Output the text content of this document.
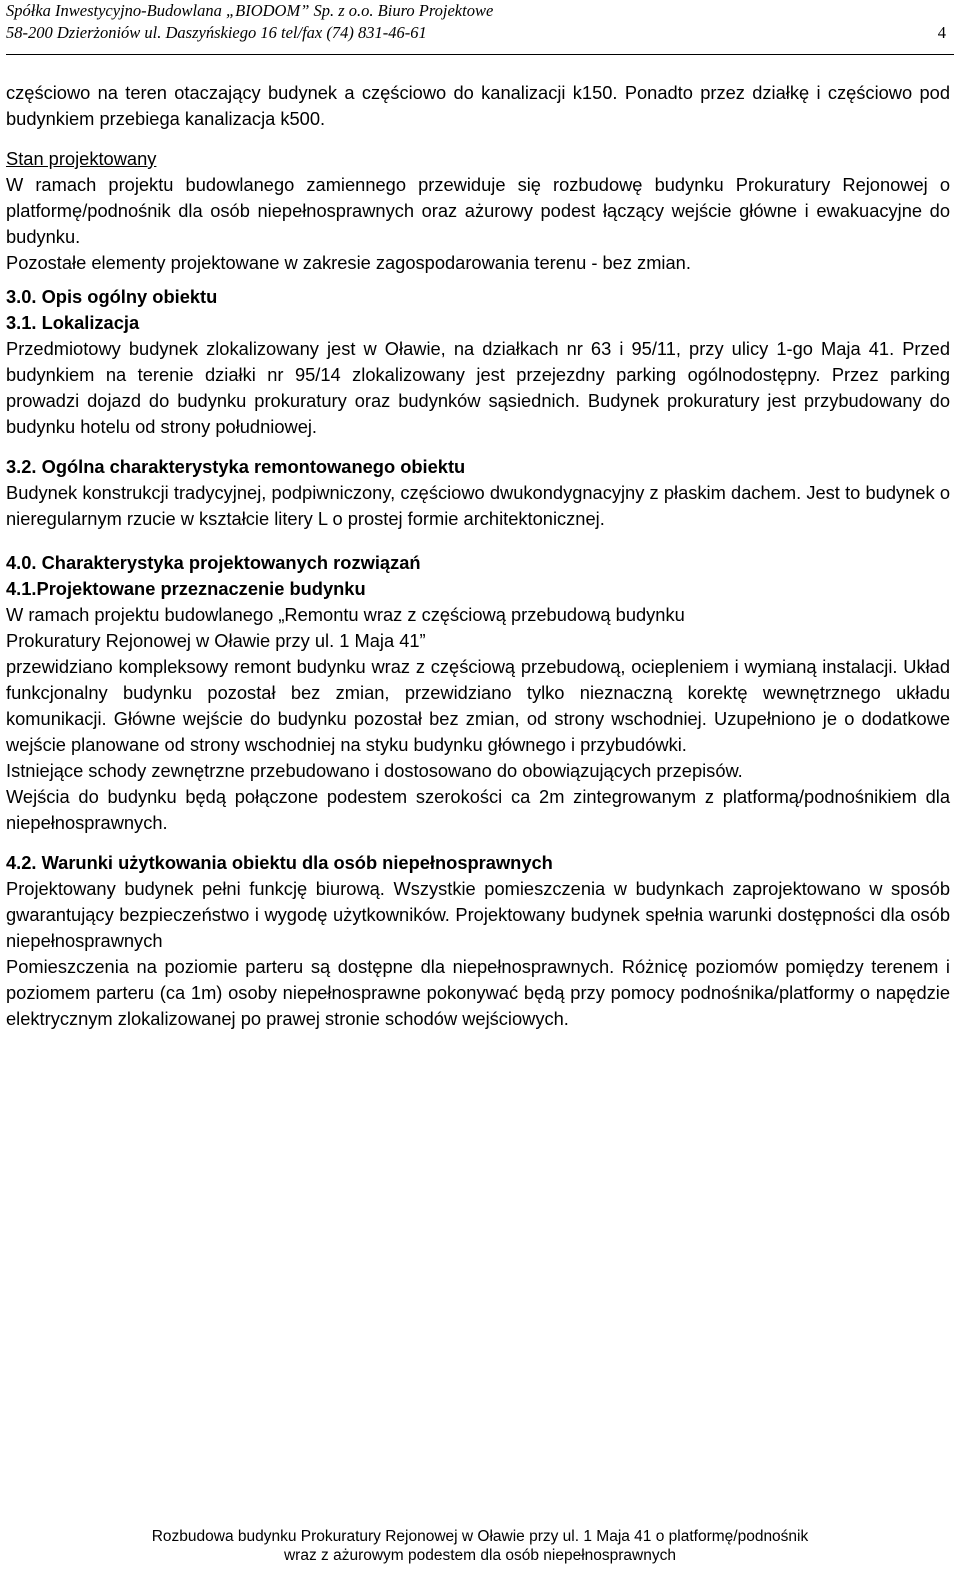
Spółka Inwestycyjno-Budowlana „BIODOM” Sp. z o.o. Biuro Projektowe
58-200 Dzierżoniów ul. Daszyńskiego 16 tel/fax (74) 831-46-61	4

częściowo na teren otaczający budynek a częściowo do kanalizacji k150. Ponadto przez działkę i częściowo pod budynkiem przebiega kanalizacja k500.

Stan projektowany

W ramach projektu budowlanego zamiennego przewiduje się rozbudowę budynku Prokuratury Rejonowej o platformę/podnośnik dla osób niepełnosprawnych oraz ażurowy podest łączący wejście główne i ewakuacyjne do budynku.

Pozostałe elementy projektowane w zakresie zagospodarowania terenu - bez zmian.

3.0. Opis ogólny obiektu

3.1. Lokalizacja

Przedmiotowy budynek zlokalizowany jest w Oławie, na działkach nr 63 i 95/11, przy ulicy 1-go Maja 41. Przed budynkiem na terenie działki nr 95/14 zlokalizowany jest przejezdny parking ogólnodostępny. Przez parking prowadzi dojazd do budynku prokuratury oraz budynków sąsiednich. Budynek prokuratury jest przybudowany do budynku hotelu od strony południowej.

3.2. Ogólna charakterystyka remontowanego obiektu

Budynek konstrukcji tradycyjnej, podpiwniczony, częściowo dwukondygnacyjny z płaskim dachem. Jest to budynek o nieregularnym rzucie w kształcie litery L o prostej formie architektonicznej.

4.0. Charakterystyka projektowanych rozwiązań

4.1.Projektowane przeznaczenie budynku

W ramach projektu budowlanego „Remontu wraz z częściową przebudową budynku

Prokuratury Rejonowej w Oławie przy ul. 1 Maja 41”

przewidziano kompleksowy remont budynku wraz z częściową przebudową, ociepleniem i wymianą instalacji. Układ funkcjonalny budynku pozostał bez zmian, przewidziano tylko nieznaczną korektę wewnętrznego układu komunikacji. Główne wejście do budynku pozostał bez zmian, od strony wschodniej. Uzupełniono je o dodatkowe wejście planowane od strony wschodniej na styku budynku głównego i przybudówki.

Istniejące schody zewnętrzne przebudowano i dostosowano do obowiązujących przepisów.

Wejścia do budynku będą połączone podestem szerokości ca 2m zintegrowanym z platformą/podnośnikiem dla niepełnosprawnych.

4.2. Warunki użytkowania obiektu dla osób niepełnosprawnych

Projektowany budynek pełni funkcję biurową. Wszystkie pomieszczenia w budynkach zaprojektowano w sposób gwarantujący bezpieczeństwo i wygodę użytkowników. Projektowany budynek spełnia warunki dostępności dla osób niepełnosprawnych

Pomieszczenia na poziomie parteru są dostępne dla niepełnosprawnych. Różnicę poziomów pomiędzy terenem i poziomem parteru (ca 1m) osoby niepełnosprawne pokonywać będą przy pomocy podnośnika/platformy o napędzie elektrycznym zlokalizowanej po prawej stronie schodów wejściowych.

Rozbudowa budynku Prokuratury Rejonowej w Oławie przy ul. 1 Maja 41 o platformę/podnośnik
wraz z ażurowym podestem dla osób niepełnosprawnych
